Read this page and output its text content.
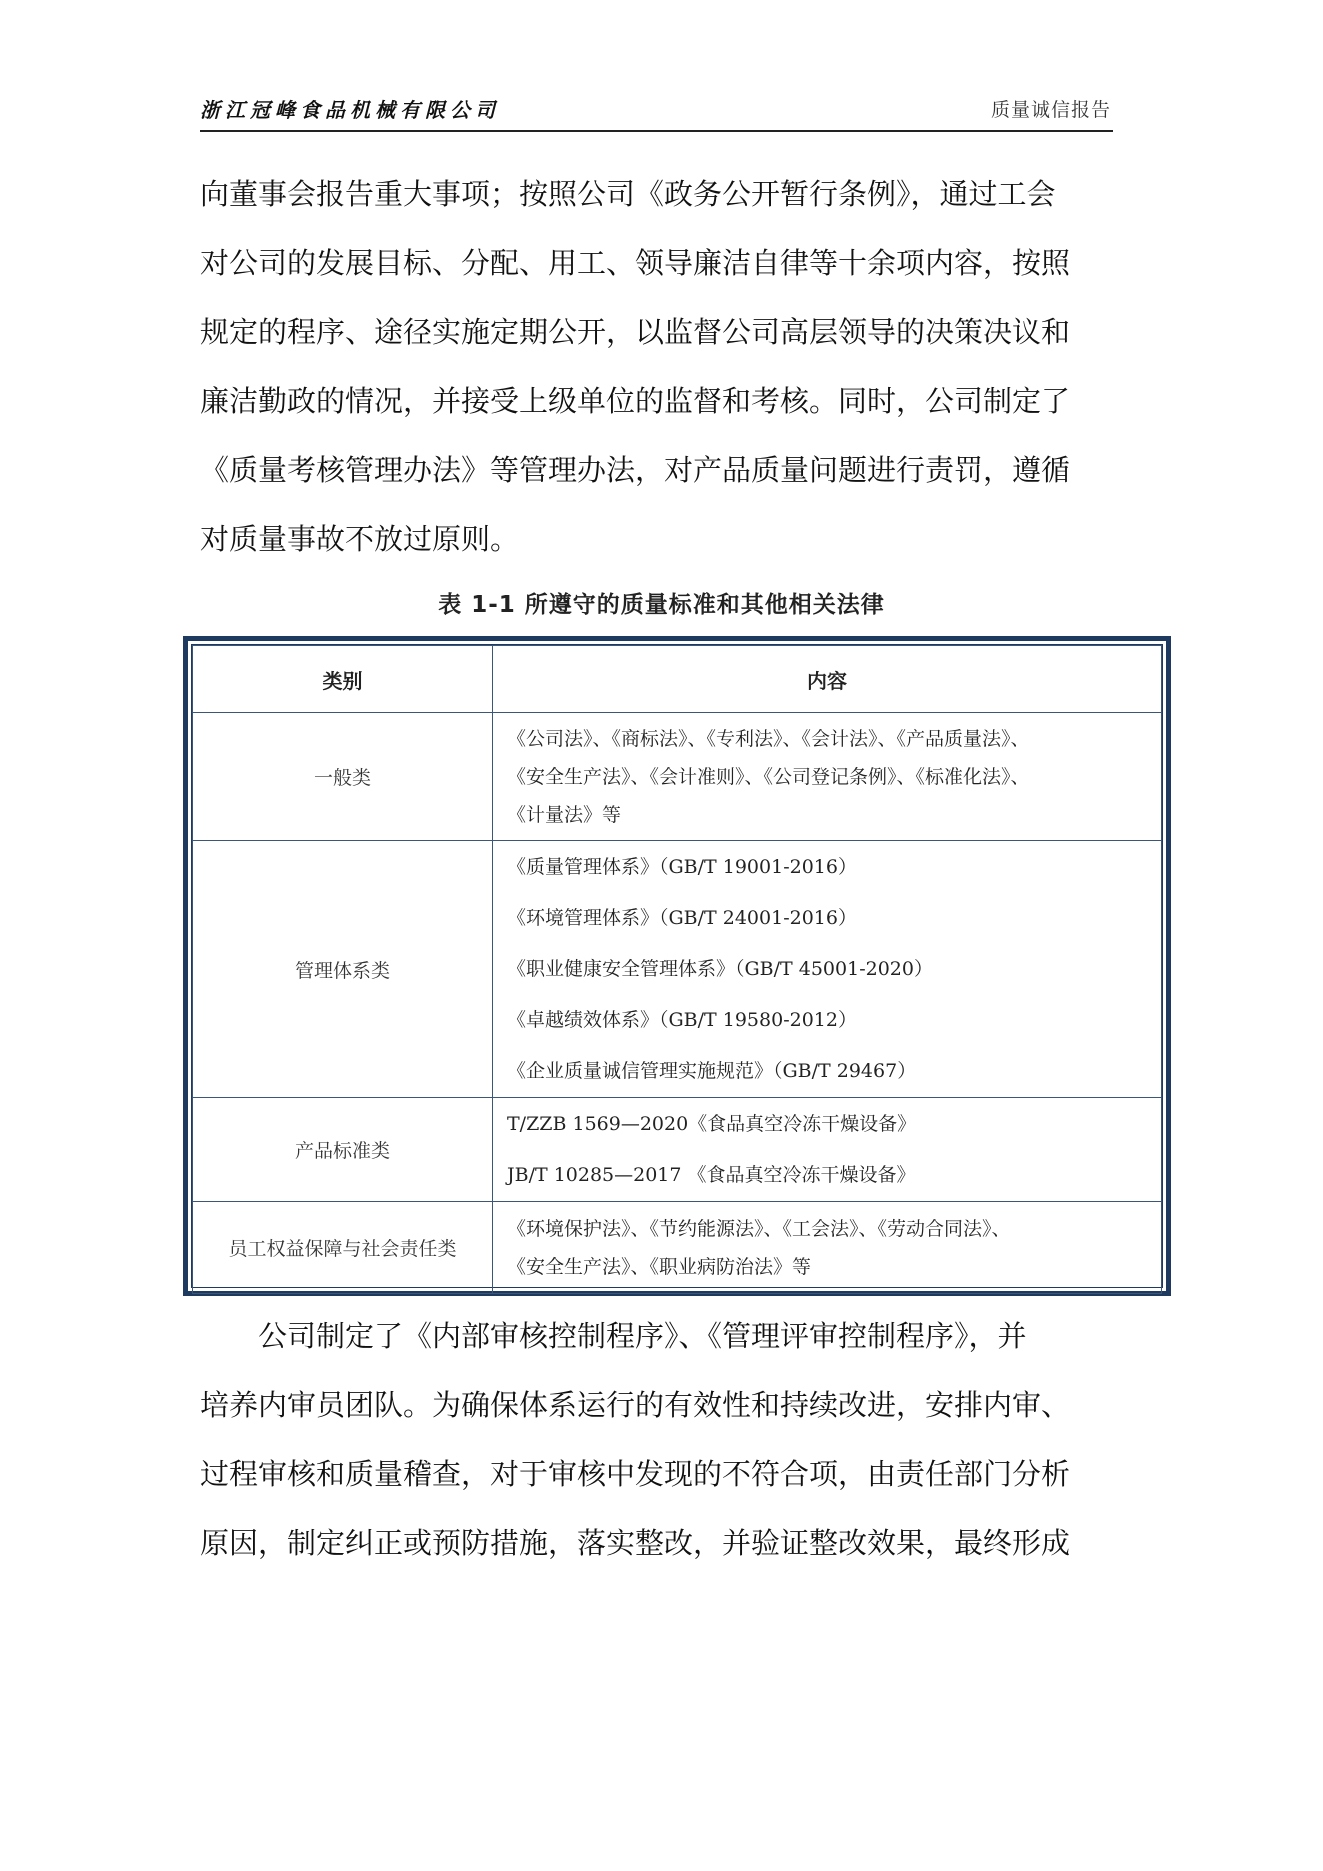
浙江冠峰食品机械有限公司	质量诚信报告
向董事会报告重大事项；按照公司《政务公开暂行条例》，通过工会
对公司的发展目标、分配、用工、领导廉洁自律等十余项内容，按照
规定的程序、途径实施定期公开，以监督公司高层领导的决策决议和
廉洁勤政的情况，并接受上级单位的监督和考核。同时，公司制定了
《质量考核管理办法》等管理办法，对产品质量问题进行责罚，遵循
对质量事故不放过原则。
表 1-1 所遵守的质量标准和其他相关法律
类别	内容
一般类	《公司法》、《商标法》、《专利法》、《会计法》、《产品质量法》、
《安全生产法》、《会计准则》、《公司登记条例》、《标准化法》、
《计量法》等

管理体系类	《质量管理体系》（GB/T 19001-2016）
《环境管理体系》（GB/T 24001-2016）
《职业健康安全管理体系》（GB/T 45001-2020）
《卓越绩效体系》（GB/T 19580-2012）
《企业质量诚信管理实施规范》（GB/T 29467）

产品标准类	T/ZZB 1569—2020《食品真空冷冻干燥设备》
JB/T 10285—2017 《食品真空冷冻干燥设备》

员工权益保障与社会责任类	《环境保护法》、《节约能源法》、《工会法》、《劳动合同法》、
《安全生产法》、《职业病防治法》等
　　公司制定了《内部审核控制程序》、《管理评审控制程序》，并
培养内审员团队。为确保体系运行的有效性和持续改进，安排内审、
过程审核和质量稽查，对于审核中发现的不符合项，由责任部门分析
原因，制定纠正或预防措施，落实整改，并验证整改效果，最终形成
